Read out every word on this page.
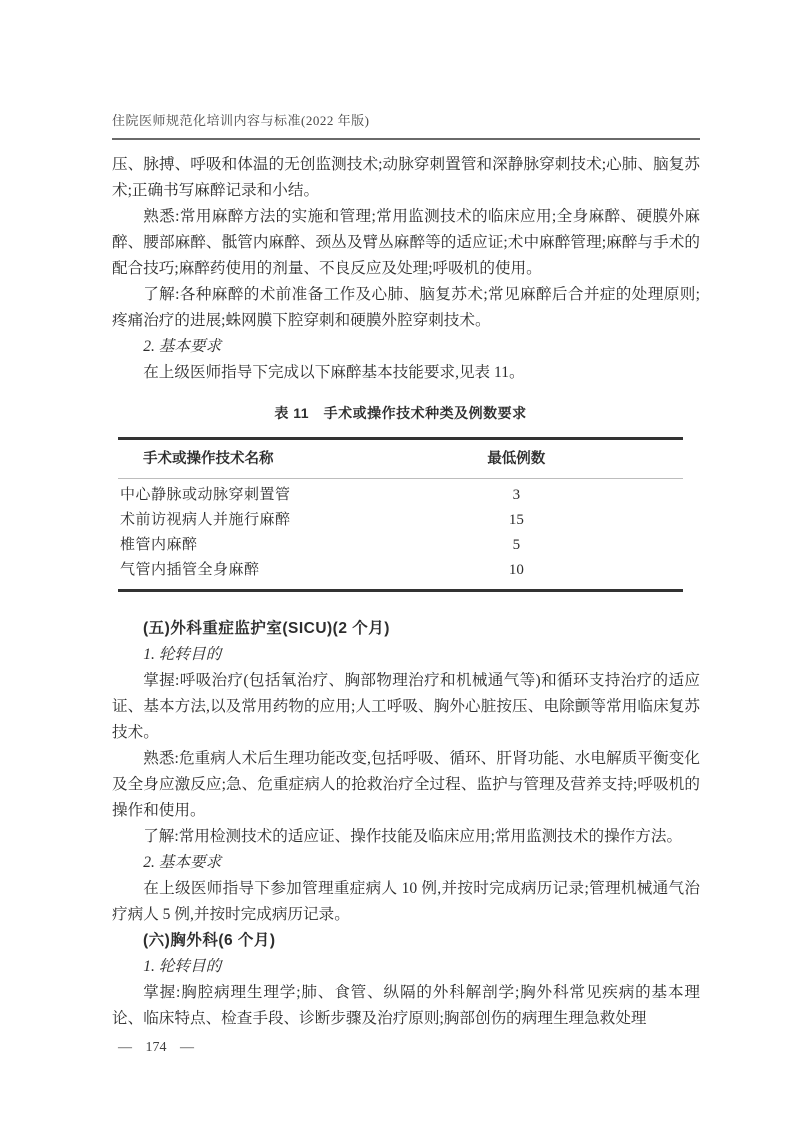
住院医师规范化培训内容与标准(2022 年版)

压、脉搏、呼吸和体温的无创监测技术;动脉穿刺置管和深静脉穿刺技术;心肺、脑复苏术;正确书写麻醉记录和小结。

熟悉:常用麻醉方法的实施和管理;常用监测技术的临床应用;全身麻醉、硬膜外麻醉、腰部麻醉、骶管内麻醉、颈丛及臂丛麻醉等的适应证;术中麻醉管理;麻醉与手术的配合技巧;麻醉药使用的剂量、不良反应及处理;呼吸机的使用。

了解:各种麻醉的术前准备工作及心肺、脑复苏术;常见麻醉后合并症的处理原则;疼痛治疗的进展;蛛网膜下腔穿刺和硬膜外腔穿刺技术。

2. 基本要求

在上级医师指导下完成以下麻醉基本技能要求,见表 11。

表 11　手术或操作技术种类及例数要求
手术或操作技术名称	最低例数
中心静脉或动脉穿刺置管	3
术前访视病人并施行麻醉	15
椎管内麻醉	5
气管内插管全身麻醉	10

(五)外科重症监护室(SICU)(2 个月)

1. 轮转目的

掌握:呼吸治疗(包括氧治疗、胸部物理治疗和机械通气等)和循环支持治疗的适应证、基本方法,以及常用药物的应用;人工呼吸、胸外心脏按压、电除颤等常用临床复苏技术。

熟悉:危重病人术后生理功能改变,包括呼吸、循环、肝肾功能、水电解质平衡变化及全身应激反应;急、危重症病人的抢救治疗全过程、监护与管理及营养支持;呼吸机的操作和使用。

了解:常用检测技术的适应证、操作技能及临床应用;常用监测技术的操作方法。

2. 基本要求

在上级医师指导下参加管理重症病人 10 例,并按时完成病历记录;管理机械通气治疗病人 5 例,并按时完成病历记录。

(六)胸外科(6 个月)

1. 轮转目的

掌握:胸腔病理生理学;肺、食管、纵隔的外科解剖学;胸外科常见疾病的基本理论、临床特点、检查手段、诊断步骤及治疗原则;胸部创伤的病理生理急救处理

— 174 —
